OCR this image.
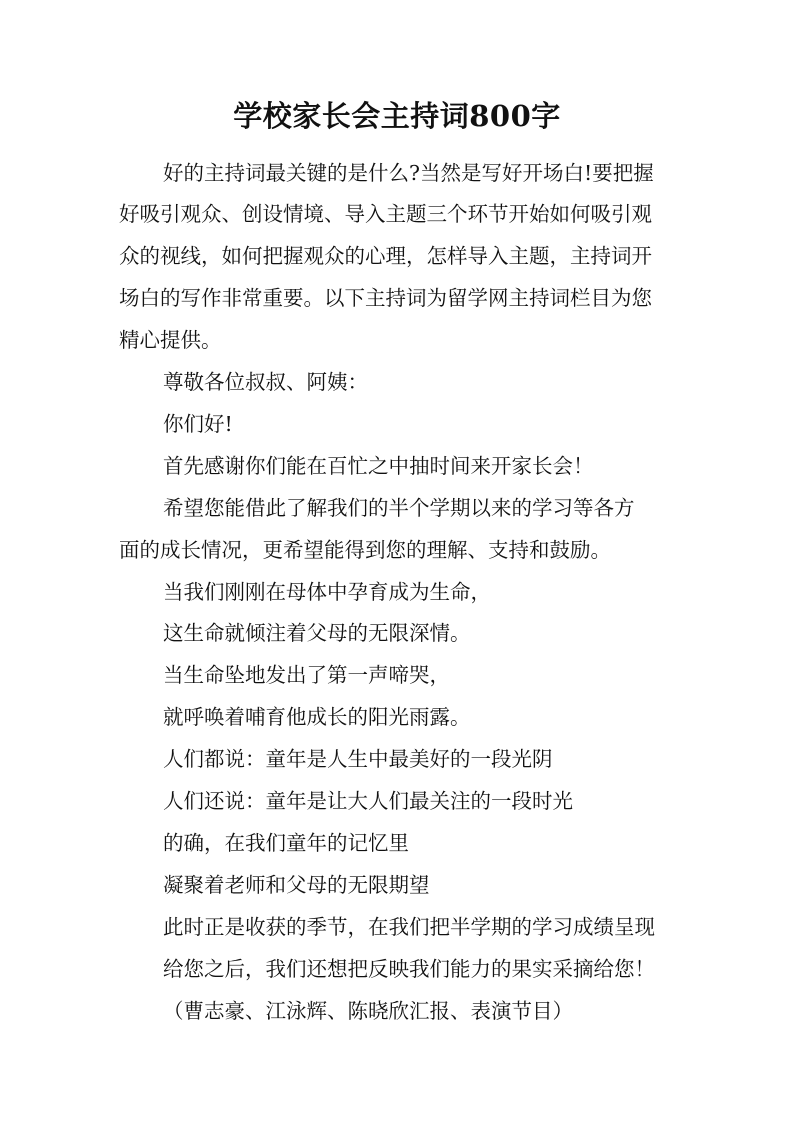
学校家长会主持词800字
好的主持词最关键的是什么?当然是写好开场白!要把握
好吸引观众、创设情境、导入主题三个环节开始如何吸引观
众的视线，如何把握观众的心理，怎样导入主题，主持词开
场白的写作非常重要。以下主持词为留学网主持词栏目为您
精心提供。
尊敬各位叔叔、阿姨：
你们好!
首先感谢你们能在百忙之中抽时间来开家长会！
希望您能借此了解我们的半个学期以来的学习等各方
面的成长情况，更希望能得到您的理解、支持和鼓励。
当我们刚刚在母体中孕育成为生命，
这生命就倾注着父母的无限深情。
当生命坠地发出了第一声啼哭，
就呼唤着哺育他成长的阳光雨露。
人们都说：童年是人生中最美好的一段光阴
人们还说：童年是让大人们最关注的一段时光
的确，在我们童年的记忆里
凝聚着老师和父母的无限期望
此时正是收获的季节，在我们把半学期的学习成绩呈现
给您之后，我们还想把反映我们能力的果实采摘给您！
（曹志豪、江泳辉、陈晓欣汇报、表演节目）
